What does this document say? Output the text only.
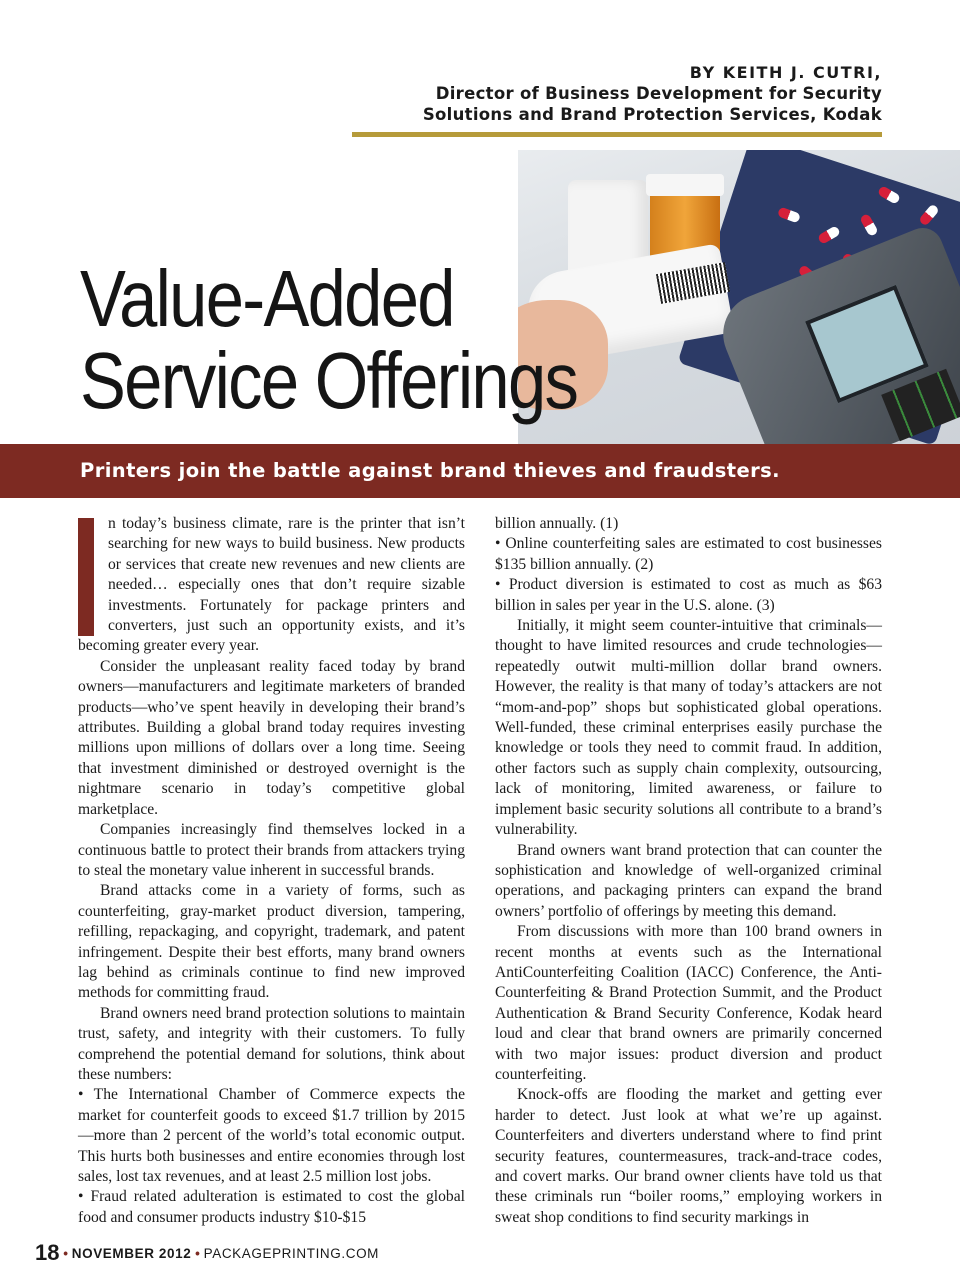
BY KEITH J. CUTRI,
Director of Business Development for Security
Solutions and Brand Protection Services, Kodak
Value-Added
Service Offerings

Printers join the battle against brand thieves and fraudsters.

n today’s business climate, rare is the printer that isn’t searching for new ways to build business. New products or services that create new revenues and new clients are needed… especially ones that don’t require sizable investments. Fortunately for package printers and converters, just such an opportunity exists, and it’s becoming greater every year.

Consider the unpleasant reality faced today by brand owners—manufacturers and legitimate marketers of branded products—who’ve spent heavily in developing their brand’s attributes. Building a global brand today requires investing millions upon millions of dollars over a long time. Seeing that investment diminished or destroyed overnight is the nightmare scenario in today’s competitive global marketplace.

Companies increasingly find themselves locked in a continuous battle to protect their brands from attackers trying to steal the monetary value inherent in successful brands.

Brand attacks come in a variety of forms, such as counterfeiting, gray-market product diversion, tampering, refilling, repackaging, and copyright, trademark, and patent infringement. Despite their best efforts, many brand owners lag behind as criminals continue to find new improved methods for committing fraud.

Brand owners need brand protection solutions to maintain trust, safety, and integrity with their customers. To fully comprehend the potential demand for solutions, think about these numbers:

• The International Chamber of Commerce expects the market for counterfeit goods to exceed $1.7 trillion by 2015—more than 2 percent of the world’s total economic output. This hurts both businesses and entire economies through lost sales, lost tax revenues, and at least 2.5 million lost jobs.

• Fraud related adulteration is estimated to cost the global food and consumer products industry $10-$15

billion annually. (1)

• Online counterfeiting sales are estimated to cost businesses $135 billion annually. (2)

• Product diversion is estimated to cost as much as $63 billion in sales per year in the U.S. alone. (3)

Initially, it might seem counter-intuitive that criminals—thought to have limited resources and crude technologies—repeatedly outwit multi-million dollar brand owners. However, the reality is that many of today’s attackers are not “mom-and-pop” shops but sophisticated global operations. Well-funded, these criminal enterprises easily purchase the knowledge or tools they need to commit fraud. In addition, other factors such as supply chain complexity, outsourcing, lack of monitoring, limited awareness, or failure to implement basic security solutions all contribute to a brand’s vulnerability.

Brand owners want brand protection that can counter the sophistication and knowledge of well-organized criminal operations, and packaging printers can expand the brand owners’ portfolio of offerings by meeting this demand.

From discussions with more than 100 brand owners in recent months at events such as the International AntiCounterfeiting Coalition (IACC) Conference, the Anti-Counterfeiting & Brand Protection Summit, and the Product Authentication & Brand Security Conference, Kodak heard loud and clear that brand owners are primarily concerned with two major issues: product diversion and product counterfeiting.

Knock-offs are flooding the market and getting ever harder to detect. Just look at what we’re up against. Counterfeiters and diverters understand where to find print security features, countermeasures, track-and-trace codes, and covert marks. Our brand owner clients have told us that these criminals run “boiler rooms,” employing workers in sweat shop conditions to find security markings in

18 • NOVEMBER 2012 • PACKAGEPRINTING.COM
